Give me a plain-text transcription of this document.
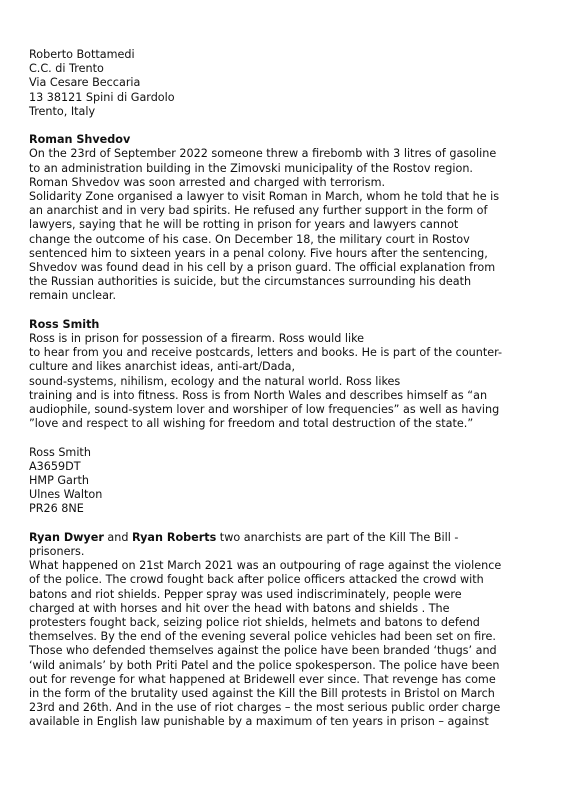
Roberto Bottamedi
C.C. di Trento
Via Cesare Beccaria
13 38121 Spini di Gardolo
Trento, Italy
Roman Shvedov
On the 23rd of September 2022 someone threw a firebomb with 3 litres of gasoline
to an administration building in the Zimovski municipality of the Rostov region.
Roman Shvedov was soon arrested and charged with terrorism.
Solidarity Zone organised a lawyer to visit Roman in March, whom he told that he is
an anarchist and in very bad spirits. He refused any further support in the form of
lawyers, saying that he will be rotting in prison for years and lawyers cannot
change the outcome of his case. On December 18, the military court in Rostov
sentenced him to sixteen years in a penal colony. Five hours after the sentencing,
Shvedov was found dead in his cell by a prison guard. The official explanation from
the Russian authorities is suicide, but the circumstances surrounding his death
remain unclear.
Ross Smith
Ross is in prison for possession of a firearm. Ross would like
to hear from you and receive postcards, letters and books. He is part of the counter-
culture and likes anarchist ideas, anti-art/Dada,
sound-systems, nihilism, ecology and the natural world. Ross likes
training and is into fitness. Ross is from North Wales and describes himself as “an
audiophile, sound-system lover and worshiper of low frequencies” as well as having
”love and respect to all wishing for freedom and total destruction of the state.”
Ross Smith
A3659DT
HMP Garth
Ulnes Walton
PR26 8NE
Ryan Dwyer and Ryan Roberts two anarchists are part of the Kill The Bill -
prisoners.
What happened on 21st March 2021 was an outpouring of rage against the violence
of the police. The crowd fought back after police officers attacked the crowd with
batons and riot shields. Pepper spray was used indiscriminately, people were
charged at with horses and hit over the head with batons and shields . The
protesters fought back, seizing police riot shields, helmets and batons to defend
themselves. By the end of the evening several police vehicles had been set on fire.
Those who defended themselves against the police have been branded ‘thugs’ and
‘wild animals’ by both Priti Patel and the police spokesperson. The police have been
out for revenge for what happened at Bridewell ever since. That revenge has come
in the form of the brutality used against the Kill the Bill protests in Bristol on March
23rd and 26th. And in the use of riot charges – the most serious public order charge
available in English law punishable by a maximum of ten years in prison – against
